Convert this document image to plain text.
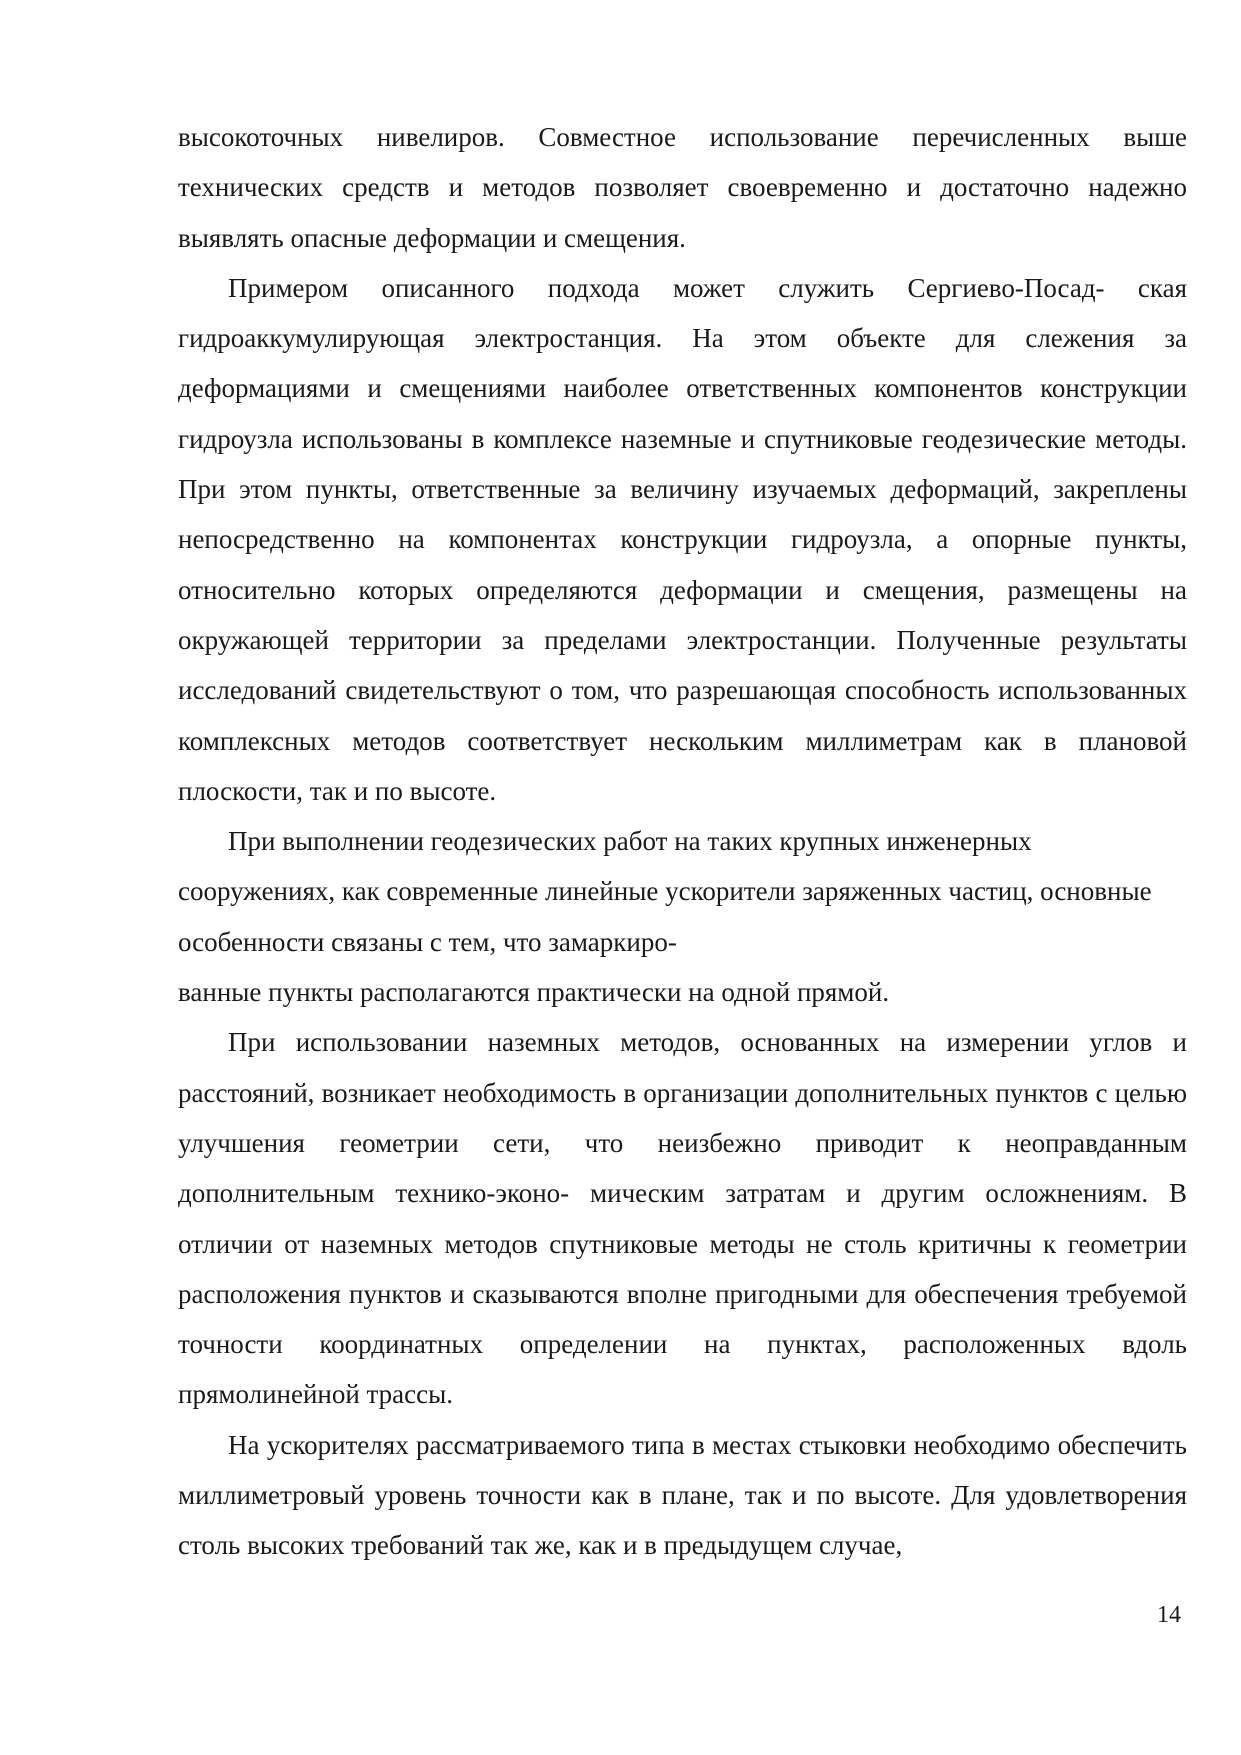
высокоточных нивелиров. Совместное использование перечисленных выше технических средств и методов позволяет своевременно и достаточно надежно выявлять опасные деформации и смещения.

Примером описанного подхода может служить Сергиево-Посад- ская гидроаккумулирующая электростанция. На этом объекте для слежения за деформациями и смещениями наиболее ответственных компонентов конструкции гидроузла использованы в комплексе наземные и спутниковые геодезические методы. При этом пункты, ответственные за величину изучаемых деформаций, закреплены непосредственно на компонентах конструкции гидроузла, а опорные пункты, относительно которых определяются деформации и смещения, размещены на окружающей территории за пределами электростанции. Полученные результаты исследований свидетельствуют о том, что разрешающая способность использованных комплексных методов соответствует нескольким миллиметрам как в плановой плоскости, так и по высоте.

При выполнении геодезических работ на таких крупных инженерных сооружениях, как современные линейные ускорители заряженных частиц, основные особенности связаны с тем, что замаркиро-

ванные пункты располагаются практически на одной прямой.

При использовании наземных методов, основанных на измерении углов и расстояний, возникает необходимость в организации дополнительных пунктов с целью улучшения геометрии сети, что неизбежно приводит к неоправданным дополнительным технико-эконо- мическим затратам и другим осложнениям. В отличии от наземных методов спутниковые методы не столь критичны к геометрии расположения пунктов и сказываются вполне пригодными для обеспечения требуемой точности координатных определении на пунктах, расположенных вдоль прямолинейной трассы.

На ускорителях рассматриваемого типа в местах стыковки необходимо обеспечить миллиметровый уровень точности как в плане, так и по высоте. Для удовлетворения столь высоких требований так же, как и в предыдущем случае,

14
